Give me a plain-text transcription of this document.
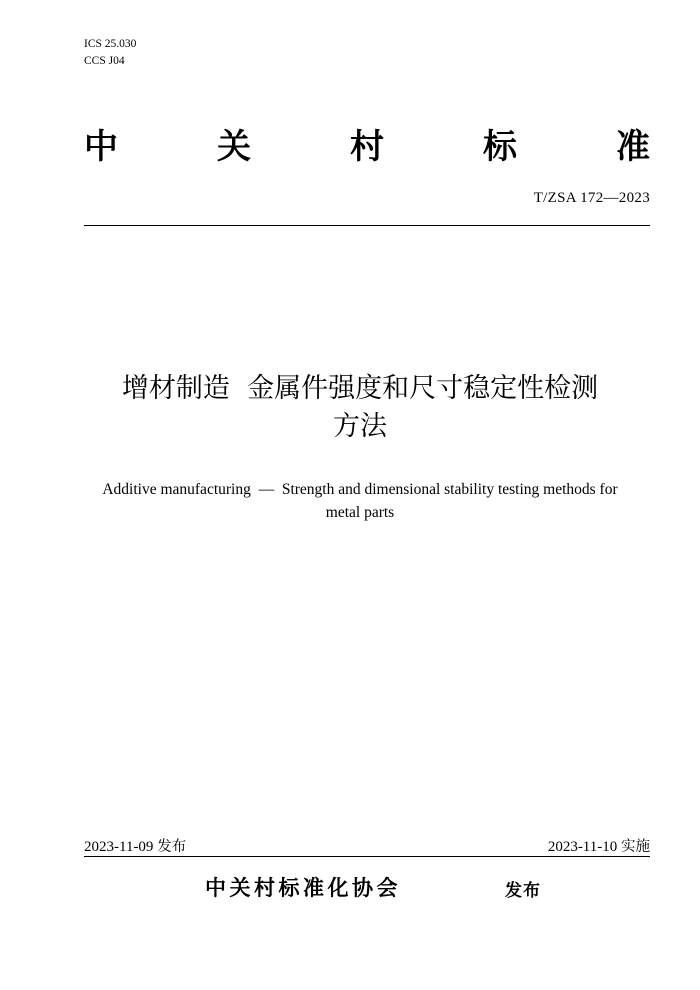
ICS 25.030
CCS J04
中	关	村	标	准
T/ZSA 172—2023
增材制造  金属件强度和尺寸稳定性检测
方法
Additive manufacturing  —  Strength and dimensional stability testing methods for
metal parts
2023-11-09 发布	2023-11-10 实施
中关村标准化协会	发布
